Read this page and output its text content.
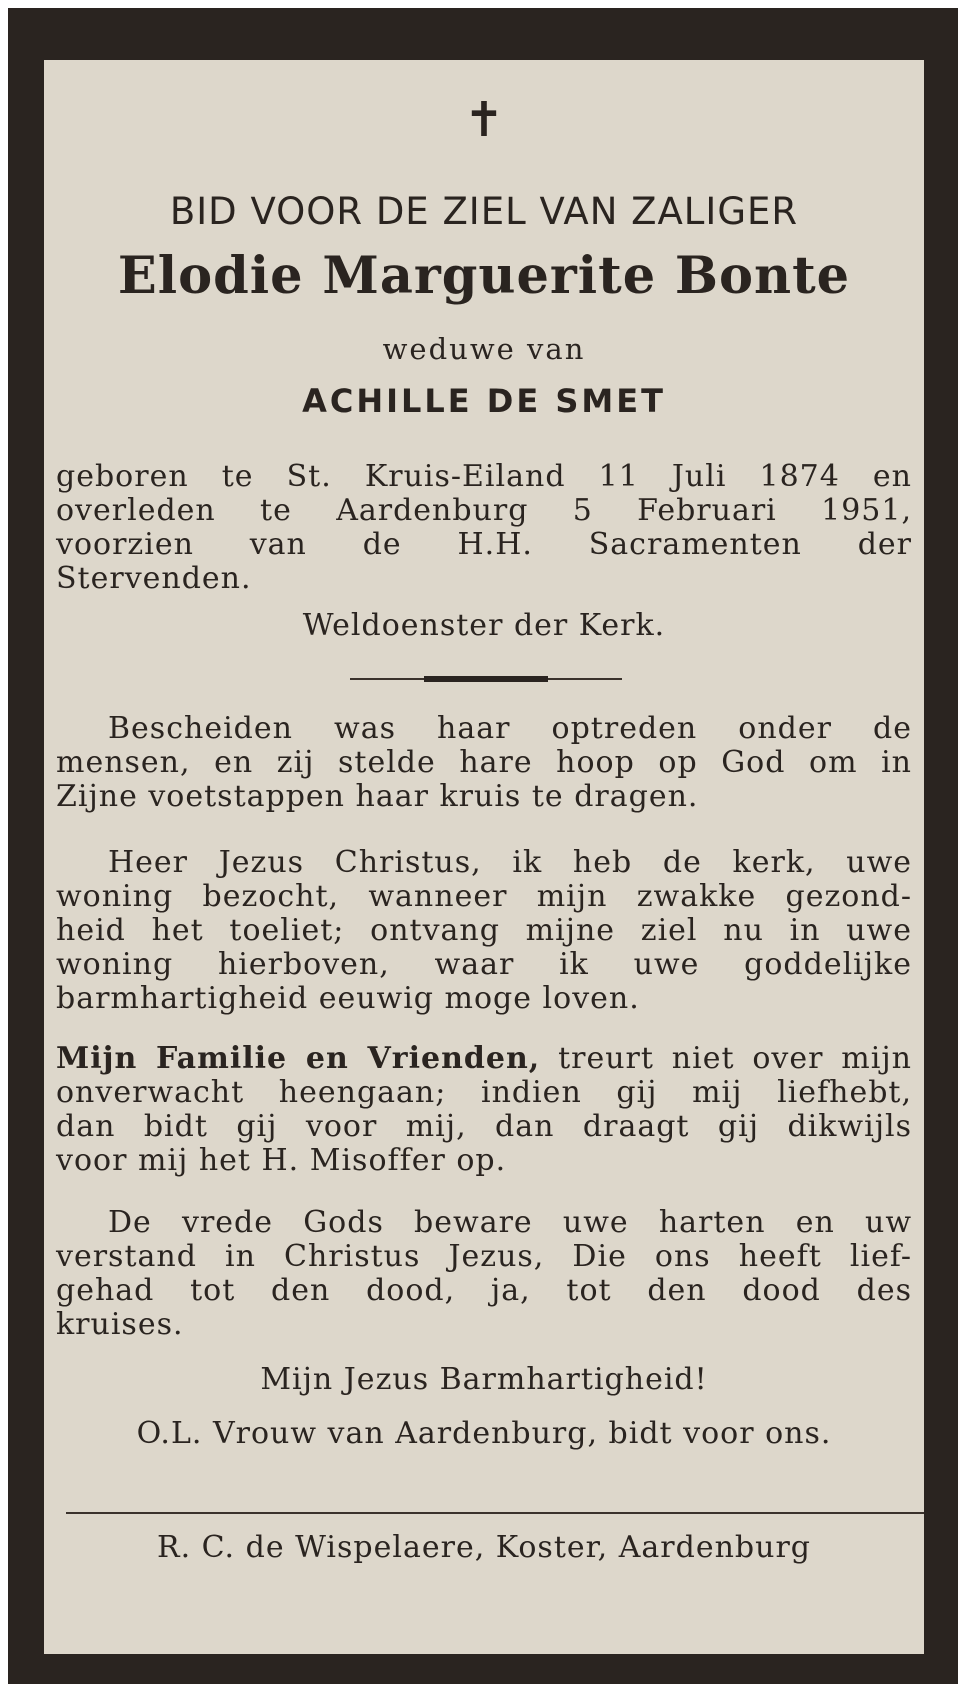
✝
BID VOOR DE ZIEL VAN ZALIGER
Elodie Marguerite Bonte
weduwe van
ACHILLE DE SMET
geboren te St. Kruis-Eiland 11 Juli 1874 en
overleden te Aardenburg 5 Februari 1951,
voorzien van de H.H. Sacramenten der
Stervenden.
Weldoenster der Kerk.
Bescheiden was haar optreden onder de
mensen, en zij stelde hare hoop op God om in
Zijne voetstappen haar kruis te dragen.
Heer Jezus Christus, ik heb de kerk, uwe
woning bezocht, wanneer mijn zwakke gezond-
heid het toeliet; ontvang mijne ziel nu in uwe
woning hierboven, waar ik uwe goddelijke
barmhartigheid eeuwig moge loven.
Mijn Familie en Vrienden, treurt niet over mijn
onverwacht heengaan; indien gij mij liefhebt,
dan bidt gij voor mij, dan draagt gij dikwijls
voor mij het H. Misoffer op.
De vrede Gods beware uwe harten en uw
verstand in Christus Jezus, Die ons heeft lief-
gehad tot den dood, ja, tot den dood des
kruises.
Mijn Jezus Barmhartigheid!
O.L. Vrouw van Aardenburg, bidt voor ons.
R. C. de Wispelaere, Koster, Aardenburg
